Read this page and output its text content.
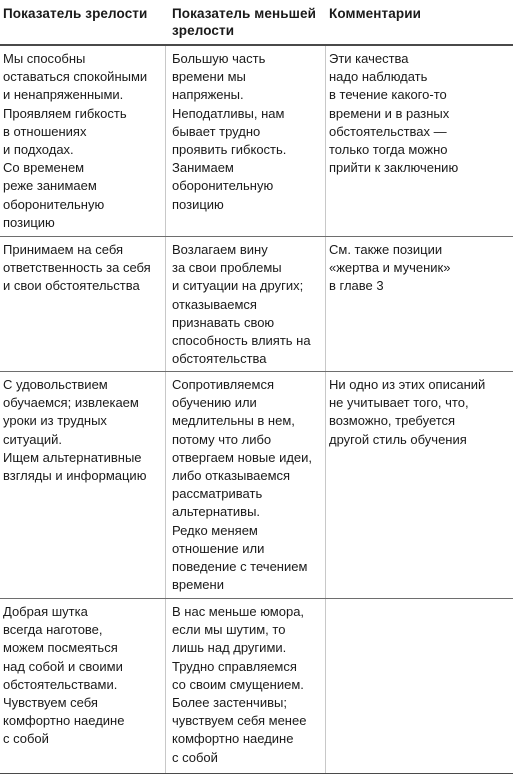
Показатель зрелости	Показатель меньшей
зрелости
Комментарии
Мы способны
оставаться спокойными
и ненапряженными.
Проявляем гибкость
в отношениях
и подходах.
Со временем
реже занимаем
оборонительную
позицию
Большую часть
времени мы
напряжены.
Неподатливы, нам
бывает трудно
проявить гибкость.
Занимаем
оборонительную
позицию
Эти качества
надо наблюдать
в течение какого-то
времени и в разных
обстоятельствах —
только тогда можно
прийти к заключению
Принимаем на себя
ответственность за себя
и свои обстоятельства
Возлагаем вину
за свои проблемы
и ситуации на других;
отказываемся
признавать свою
способность влиять на
обстоятельства
См. также позиции
«жертва и мученик»
в главе 3
С удовольствием
обучаемся; извлекаем
уроки из трудных
ситуаций.
Ищем альтернативные
взгляды и информацию
Сопротивляемся
обучению или
медлительны в нем,
потому что либо
отвергаем новые идеи,
либо отказываемся
рассматривать
альтернативы.
Редко меняем
отношение или
поведение с течением
времени
Ни одно из этих описаний
не учитывает того, что,
возможно, требуется
другой стиль обучения
Добрая шутка
всегда наготове,
можем посмеяться
над собой и своими
обстоятельствами.
Чувствуем себя
комфортно наедине
с собой
В нас меньше юмора,
если мы шутим, то
лишь над другими.
Трудно справляемся
со своим смущением.
Более застенчивы;
чувствуем себя менее
комфортно наедине
с собой
